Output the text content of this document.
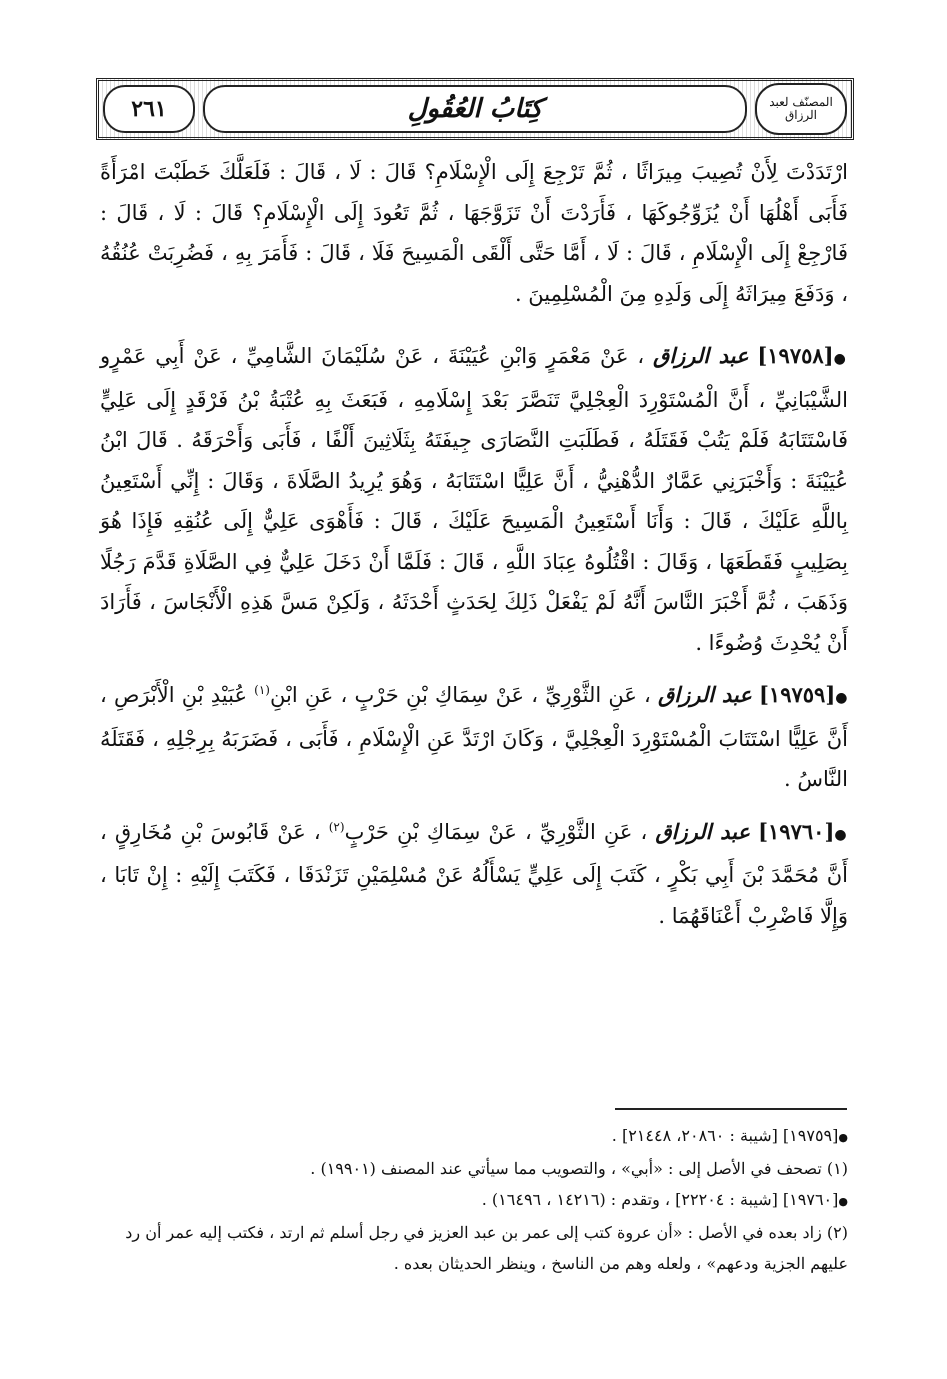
٢٦١	كِتَابُ العُقُولِ	المصنّف لعبد الرزاق

ارْتَدَدْتَ لِأَنْ تُصِيبَ مِيرَاثًا ، ثُمَّ تَرْجِعَ إِلَى الْإِسْلَامِ؟ قَالَ : لَا ، قَالَ : فَلَعَلَّكَ خَطَبْتَ امْرَأَةً فَأَبَى أَهْلُهَا أَنْ يُزَوِّجُوكَهَا ، فَأَرَدْتَ أَنْ تَزَوَّجَهَا ، ثُمَّ تَعُودَ إِلَى الْإِسْلَامِ؟ قَالَ : لَا ، قَالَ : فَارْجِعْ إِلَى الْإِسْلَامِ ، قَالَ : لَا ، أَمَّا حَتَّى أَلْقَى الْمَسِيحَ فَلَا ، قَالَ : فَأَمَرَ بِهِ ، فَضُرِبَتْ عُنُقُهُ ، وَدَفَعَ مِيرَاثَهُ إِلَى وَلَدِهِ مِنَ الْمُسْلِمِينَ .

●[١٩٧٥٨] عبد الرزاق ، عَنْ مَعْمَرٍ وَابْنِ عُيَيْنَةَ ، عَنْ سُلَيْمَانَ الشَّامِيِّ ، عَنْ أَبِي عَمْرٍو الشَّيْبَانِيِّ ، أَنَّ الْمُسْتَوْرِدَ الْعِجْلِيَّ تَنَصَّرَ بَعْدَ إِسْلَامِهِ ، فَبَعَثَ بِهِ عُتْبَةُ بْنُ فَرْقَدٍ إِلَى عَلِيٍّ فَاسْتَتَابَهُ فَلَمْ يَتُبْ فَقَتَلَهُ ، فَطَلَبَتِ النَّصَارَى جِيفَتَهُ بِثَلَاثِينَ أَلْفًا ، فَأَبَى وَأَحْرَقَهُ . قَالَ ابْنُ عُيَيْنَةَ : وَأَخْبَرَنِي عَمَّارٌ الدُّهْنِيُّ ، أَنَّ عَلِيًّا اسْتَتَابَهُ ، وَهُوَ يُرِيدُ الصَّلَاةَ ، وَقَالَ : إِنِّي أَسْتَعِينُ بِاللَّهِ عَلَيْكَ ، قَالَ : وَأَنَا أَسْتَعِينُ الْمَسِيحَ عَلَيْكَ ، قَالَ : فَأَهْوَى عَلِيٌّ إِلَى عُنُقِهِ فَإِذَا هُوَ بِصَلِيبٍ فَقَطَعَهَا ، وَقَالَ : اقْتُلُوهُ عِبَادَ اللَّهِ ، قَالَ : فَلَمَّا أَنْ دَخَلَ عَلِيٌّ فِي الصَّلَاةِ قَدَّمَ رَجُلًا وَذَهَبَ ، ثُمَّ أَخْبَرَ النَّاسَ أَنَّهُ لَمْ يَفْعَلْ ذَلِكَ لِحَدَثٍ أَحْدَثَهُ ، وَلَكِنْ مَسَّ هَذِهِ الْأَنْجَاسَ ، فَأَرَادَ أَنْ يُحْدِثَ وُضُوءًا .

●[١٩٧٥٩] عبد الرزاق ، عَنِ الثَّوْرِيِّ ، عَنْ سِمَاكِ بْنِ حَرْبٍ ، عَنِ ابْنِ$^{(١)}$ عُبَيْدِ بْنِ الْأَبْرَصِ ، أَنَّ عَلِيًّا اسْتَتَابَ الْمُسْتَوْرِدَ الْعِجْلِيَّ ، وَكَانَ ارْتَدَّ عَنِ الْإِسْلَامِ ، فَأَبَى ، فَضَرَبَهُ بِرِجْلِهِ ، فَقَتَلَهُ النَّاسُ .

●[١٩٧٦٠] عبد الرزاق ، عَنِ الثَّوْرِيِّ ، عَنْ سِمَاكِ بْنِ حَرْبٍ$^{(٢)}$ ، عَنْ قَابُوسَ بْنِ مُخَارِقٍ ، أَنَّ مُحَمَّدَ بْنَ أَبِي بَكْرٍ ، كَتَبَ إِلَى عَلِيٍّ يَسْأَلُهُ عَنْ مُسْلِمَيْنِ تَزَنْدَقَا ، فَكَتَبَ إِلَيْهِ : إِنْ تَابَا ، وَإِلَّا فَاضْرِبْ أَعْنَاقَهُمَا .

●[١٩٧٥٩] [شيبة : ٢٠٨٦٠، ٢١٤٤٨] .

(١) تصحف في الأصل إلى : «أبي» ، والتصويب مما سيأتي عند المصنف (١٩٩٠١) .

●[١٩٧٦٠] [شيبة : ٢٢٢٠٤] ، وتقدم : (١٤٢١٦ ، ١٦٤٩٦) .

(٢) زاد بعده في الأصل : «أن عروة كتب إلى عمر بن عبد العزيز في رجل أسلم ثم ارتد ، فكتب إليه عمر أن رد عليهم الجزية ودعهم» ، ولعله وهم من الناسخ ، وينظر الحديثان بعده .
